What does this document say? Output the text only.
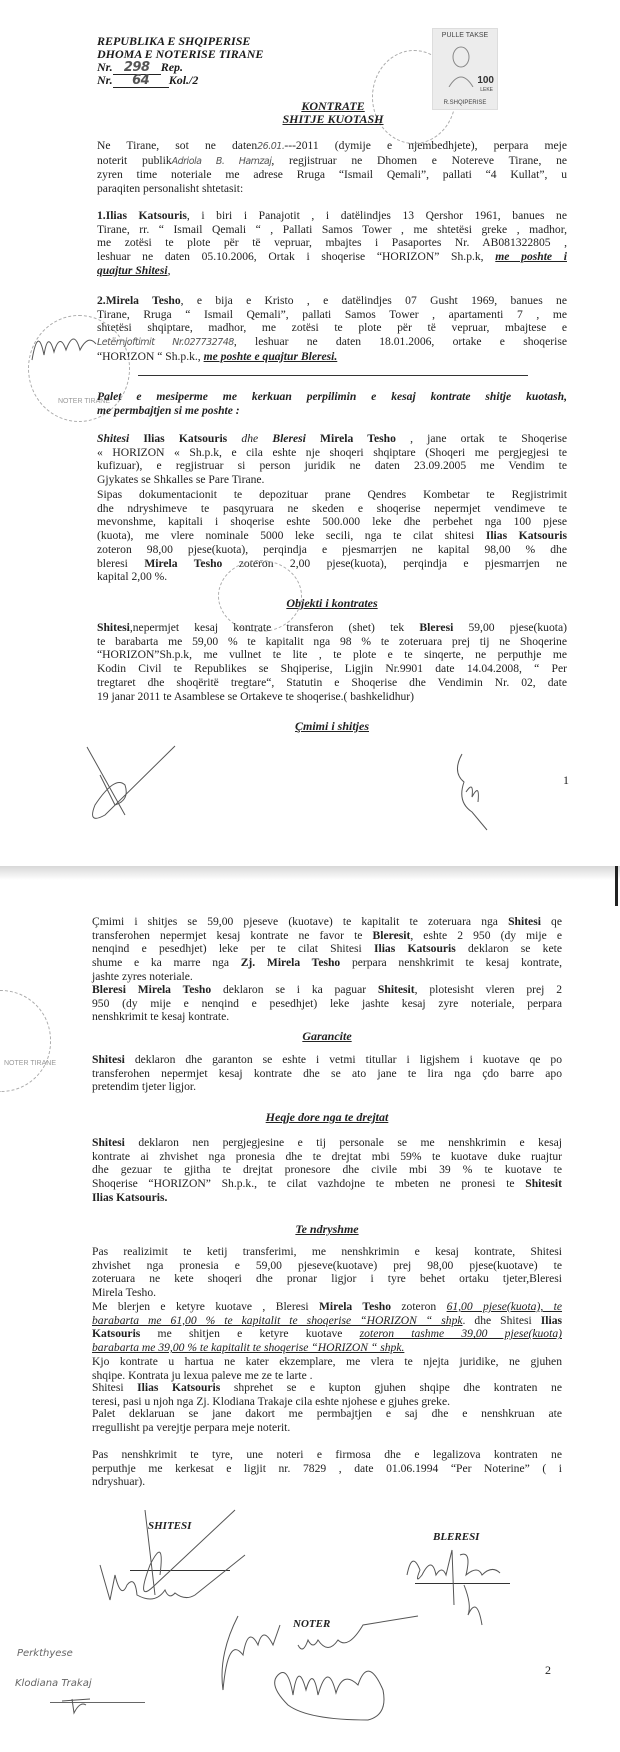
REPUBLIKA E SHQIPERISE
DHOMA E NOTERISE TIRANE
Nr. 298 Rep.
Nr. 64 Kol./2
PULLE TAKSE
100
LEKE
R.SHQIPERISE
KONTRATE
SHITJE KUOTASH
Ne Tirane, sot ne daten26.01.---2011 (dymije e njembedhjete), perpara meje
noterit publikAdriola B. Hamzaj, regjistruar ne Dhomen e Notereve Tirane, ne
zyren time noteriale me adrese Rruga “Ismail Qemali”, pallati “4 Kullat”, u
paraqiten personalisht shtetasit:
1.Ilias Katsouris, i biri i Panajotit , i datëlindjes 13 Qershor 1961, banues ne
Tirane, rr. “ Ismail Qemali “ , Pallati Samos Tower , me shtetësi greke , madhor,
me zotësi te plote për të vepruar, mbajtes i Pasaportes Nr. AB081322805 ,
leshuar ne daten 05.10.2006, Ortak i shoqerise “HORIZON” Sh.p.k, me poshte i
quajtur Shitesi,
2.Mirela Tesho, e bija e Kristo , e datëlindjes 07 Gusht 1969, banues ne
Tirane, Rruga “ Ismail Qemali”, pallati Samos Tower , apartamenti 7 , me
shtetësi shqiptare, madhor, me zotësi te plote për të vepruar, mbajtese e
Letërnjoftimit Nr.027732748, leshuar ne daten 18.01.2006, ortake e shoqerise
“HORIZON “ Sh.p.k., me poshte e quajtur Bleresi.
NOTER TIRANE
Palet e mesiperme me kerkuan perpilimin e kesaj kontrate shitje kuotash,
me permbajtjen si me poshte :
Shitesi Ilias Katsouris dhe Bleresi Mirela Tesho , jane ortak te Shoqerise
« HORIZON « Sh.p.k, e cila eshte nje shoqeri shqiptare (Shoqeri me pergjegjesi te
kufizuar), e regjistruar si person juridik ne daten 23.09.2005 me Vendim te
Gjykates se Shkalles se Pare Tirane.
Sipas dokumentacionit te depozituar prane Qendres Kombetar te Regjistrimit
dhe ndryshimeve te pasqyruara ne skeden e shoqerise nepermjet vendimeve te
mevonshme, kapitali i shoqerise eshte 500.000 leke dhe perbehet nga 100 pjese
(kuota), me vlere nominale 5000 leke secili, nga te cilat shitesi Ilias Katsouris
zoteron 98,00 pjese(kuota), perqindja e pjesmarrjen ne kapital 98,00 % dhe
bleresi Mirela Tesho zoteron 2,00 pjese(kuota), perqindja e pjesmarrjen ne
kapital 2,00 %.
Objekti i kontrates
Shitesi,nepermjet kesaj kontrate transferon (shet) tek Bleresi 59,00 pjese(kuota)
te barabarta me 59,00 % te kapitalit nga 98 % te zoteruara prej tij ne Shoqerine
“HORIZON”Sh.p.k, me vullnet te lite , te plote e te sinqerte, ne perputhje me
Kodin Civil te Republikes se Shqiperise, Ligjin Nr.9901 date 14.04.2008, “ Per
tregtaret dhe shoqëritë tregtare“, Statutin e Shoqerise dhe Vendimin Nr. 02, date
19 janar 2011 te Asamblese se Ortakeve te shoqerise.( bashkelidhur)
Çmimi i shitjes
1
NOTER TIRANE
Çmimi i shitjes se 59,00 pjeseve (kuotave) te kapitalit te zoteruara nga Shitesi qe
transferohen nepermjet kesaj kontrate ne favor te Bleresit, eshte 2 950 (dy mije e
nenqind e pesedhjet) leke per te cilat Shitesi Ilias Katsouris deklaron se kete
shume e ka marre nga Zj. Mirela Tesho perpara nenshkrimit te kesaj kontrate,
jashte zyres noteriale.
Bleresi Mirela Tesho deklaron se i ka paguar Shitesit, plotesisht vleren prej 2
950 (dy mije e nenqind e pesedhjet) leke jashte kesaj zyre noteriale, perpara
nenshkrimit te kesaj kontrate.
Garancite
Shitesi deklaron dhe garanton se eshte i vetmi titullar i ligjshem i kuotave qe po
transferohen nepermjet kesaj kontrate dhe se ato jane te lira nga çdo barre apo
pretendim tjeter ligjor.
Heqje dore nga te drejtat
Shitesi deklaron nen pergjegjesine e tij personale se me nenshkrimin e kesaj
kontrate ai zhvishet nga pronesia dhe te drejtat mbi 59% te kuotave duke ruajtur
dhe gezuar te gjitha te drejtat pronesore dhe civile mbi 39 % te kuotave te
Shoqerise “HORIZON” Sh.p.k., te cilat vazhdojne te mbeten ne pronesi te Shitesit
Ilias Katsouris.
Te ndryshme
Pas realizimit te ketij transferimi, me nenshkrimin e kesaj kontrate, Shitesi
zhvishet nga pronesia e 59,00 pjeseve(kuotave) prej 98,00 pjese(kuotave) te
zoteruara ne kete shoqeri dhe pronar ligjor i tyre behet ortaku tjeter,Bleresi
Mirela Tesho.
Me blerjen e ketyre kuotave , Bleresi Mirela Tesho zoteron 61,00 pjese(kuota), te
barabarta me 61,00 % te kapitalit te shoqerise “HORIZON “ shpk. dhe Shitesi Ilias
Katsouris me shitjen e ketyre kuotave zoteron tashme 39,00 pjese(kuota)
barabarta me 39,00 % te kapitalit te shoqerise “HORIZON “ shpk.
Kjo kontrate u hartua ne kater ekzemplare, me vlera te njejta juridike, ne gjuhen
shqipe. Kontrata ju lexua paleve me ze te larte .
Shitesi Ilias Katsouris shprehet se e kupton gjuhen shqipe dhe kontraten ne
teresi, pasi u njoh nga Zj. Klodiana Trakaje cila eshte njohese e gjuhes greke.
Palet deklaruan se jane dakort me permbajtjen e saj dhe e nenshkruan ate
rregullisht pa verejtje perpara meje noterit.
Pas nenshkrimit te tyre, une noteri e firmosa dhe e legalizova kontraten ne
perputhje me kerkesat e ligjit nr. 7829 , date 01.06.1994 “Per Noterine” ( i
ndryshuar).
SHITESI
BLERESI
NOTER
Perkthyese
Klodiana Trakaj
2
